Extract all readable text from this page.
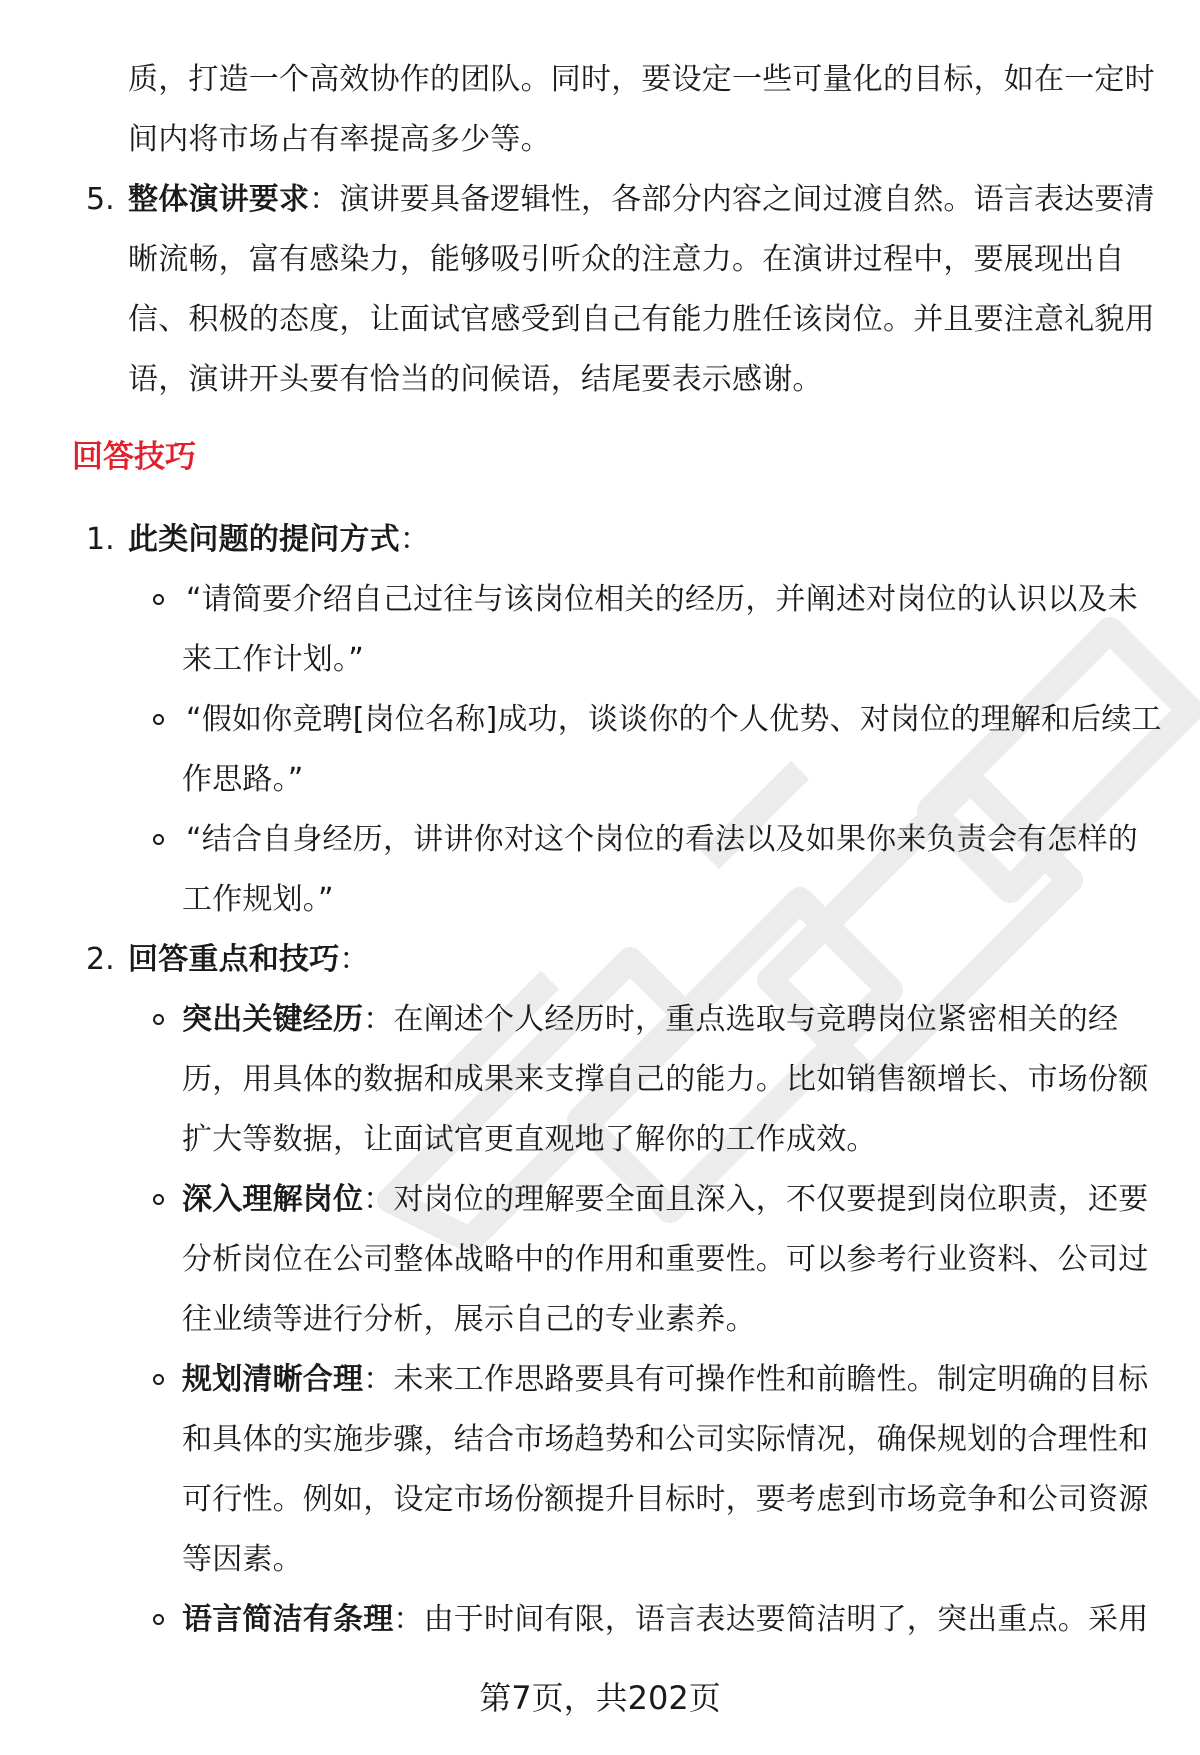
质，打造一个高效协作的团队。同时，要设定一些可量化的目标，如在一定时
间内将市场占有率提高多少等。
5. 整体演讲要求：演讲要具备逻辑性，各部分内容之间过渡自然。语言表达要清
晰流畅，富有感染力，能够吸引听众的注意力。在演讲过程中，要展现出自
信、积极的态度，让面试官感受到自己有能力胜任该岗位。并且要注意礼貌用
语，演讲开头要有恰当的问候语，结尾要表示感谢。
回答技巧
1. 此类问题的提问方式：
“请简要介绍自己过往与该岗位相关的经历，并阐述对岗位的认识以及未
来工作计划。”
“假如你竞聘[岗位名称]成功，谈谈你的个人优势、对岗位的理解和后续工
作思路。”
“结合自身经历，讲讲你对这个岗位的看法以及如果你来负责会有怎样的
工作规划。”
2. 回答重点和技巧：
突出关键经历：在阐述个人经历时，重点选取与竞聘岗位紧密相关的经
历，用具体的数据和成果来支撑自己的能力。比如销售额增长、市场份额
扩大等数据，让面试官更直观地了解你的工作成效。
深入理解岗位：对岗位的理解要全面且深入，不仅要提到岗位职责，还要
分析岗位在公司整体战略中的作用和重要性。可以参考行业资料、公司过
往业绩等进行分析，展示自己的专业素养。
规划清晰合理：未来工作思路要具有可操作性和前瞻性。制定明确的目标
和具体的实施步骤，结合市场趋势和公司实际情况，确保规划的合理性和
可行性。例如，设定市场份额提升目标时，要考虑到市场竞争和公司资源
等因素。
语言简洁有条理：由于时间有限，语言表达要简洁明了，突出重点。采用
第7页，共202页
